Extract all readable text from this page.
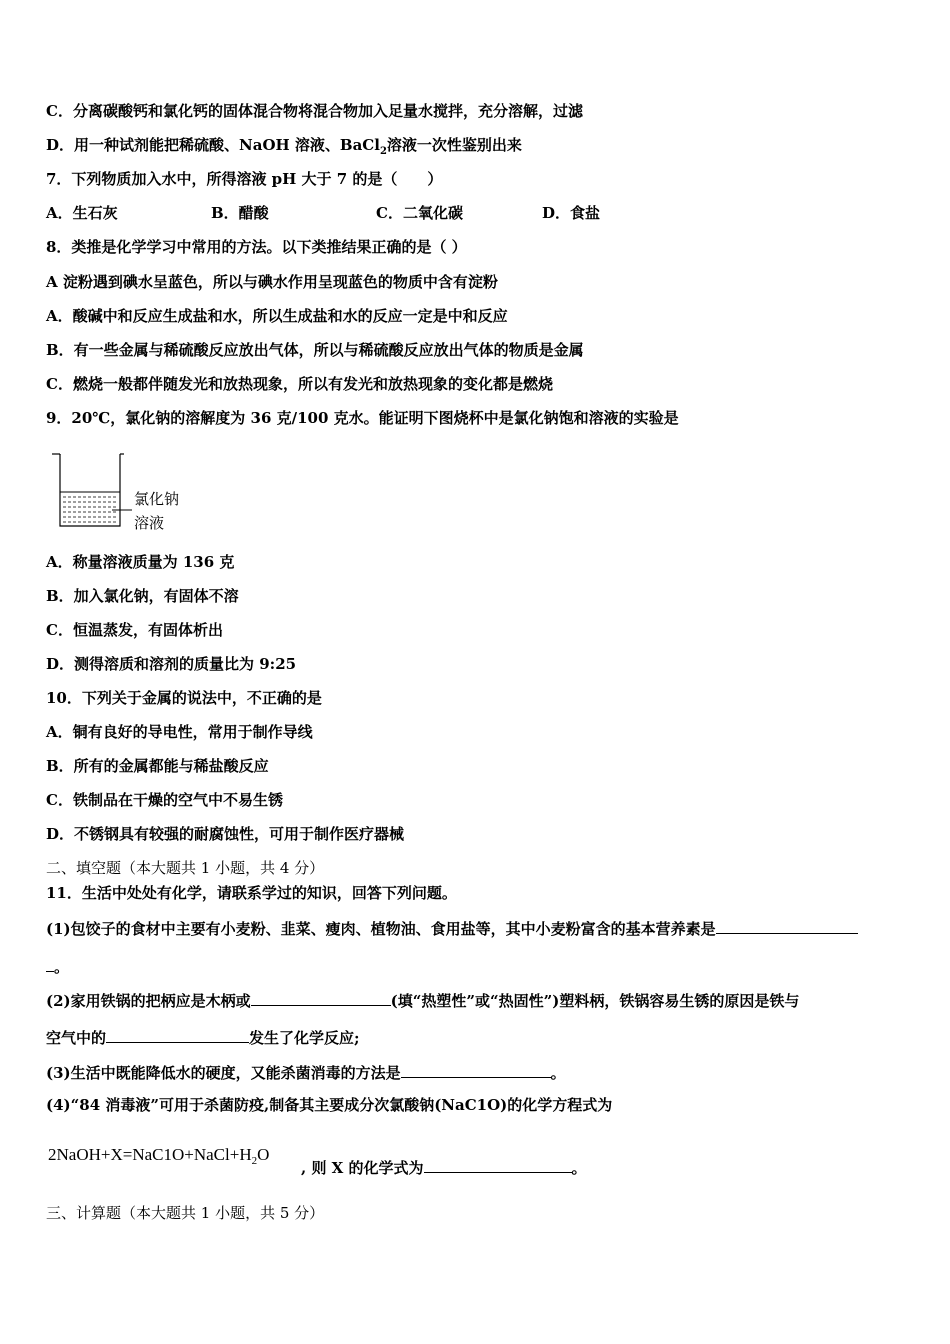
C．分离碳酸钙和氯化钙的固体混合物将混合物加入足量水搅拌，充分溶解，过滤
D．用一种试剂能把稀硫酸、NaOH 溶液、BaCl$_2$溶液一次性鉴别出来
7．下列物质加入水中，所得溶液 pH 大于 7 的是（　　）
A．生石灰	B．醋酸	C．二氧化碳	D．食盐
8．类推是化学学习中常用的方法。以下类推结果正确的是（ ）
A 淀粉遇到碘水呈蓝色，所以与碘水作用呈现蓝色的物质中含有淀粉
A．酸碱中和反应生成盐和水，所以生成盐和水的反应一定是中和反应
B．有一些金属与稀硫酸反应放出气体，所以与稀硫酸反应放出气体的物质是金属
C．燃烧一般都伴随发光和放热现象，所以有发光和放热现象的变化都是燃烧
9．20℃，氯化钠的溶解度为 36 克/100 克水。能证明下图烧杯中是氯化钠饱和溶液的实验是
氯化钠
溶液
A．称量溶液质量为 136 克
B．加入氯化钠，有固体不溶
C．恒温蒸发，有固体析出
D．测得溶质和溶剂的质量比为 9:25
10．下列关于金属的说法中，不正确的是
A．铜有良好的导电性，常用于制作导线
B．所有的金属都能与稀盐酸反应
C．铁制品在干燥的空气中不易生锈
D．不锈钢具有较强的耐腐蚀性，可用于制作医疗器械
二、填空题（本大题共 1 小题，共 4 分）
11．生活中处处有化学，请联系学过的知识，回答下列问题。
(1)包饺子的食材中主要有小麦粉、韭菜、瘦肉、植物油、食用盐等，其中小麦粉富含的基本营养素是
。
(2)家用铁锅的把柄应是木柄或	(填“热塑性”或“热固性”)塑料柄，铁锅容易生锈的原因是铁与
空气中的	发生了化学反应;
(3)生活中既能降低水的硬度，又能杀菌消毒的方法是	。
(4)“84 消毒液”可用于杀菌防疫,制备其主要成分次氯酸钠(NaC1O)的化学方程式为
$2NaOH+X=NaC1O+NaCl+H_2O$
, 则 X 的化学式为	。
三、计算题（本大题共 1 小题，共 5 分）
